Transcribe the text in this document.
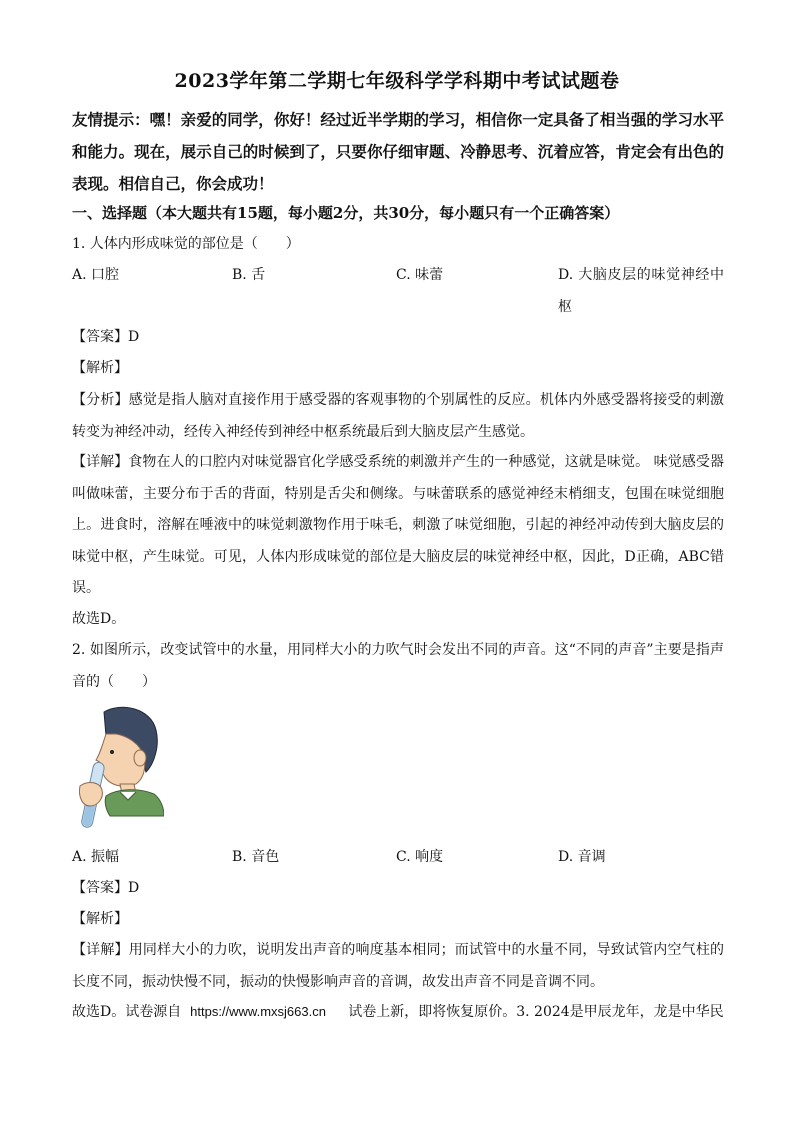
2023学年第二学期七年级科学学科期中考试试题卷
友情提示：嘿！亲爱的同学，你好！经过近半学期的学习，相信你一定具备了相当强的学习水平和能力。现在，展示自己的时候到了，只要你仔细审题、冷静思考、沉着应答，肯定会有出色的表现。相信自己，你会成功！
一、选择题（本大题共有15题，每小题2分，共30分，每小题只有一个正确答案）
1. 人体内形成味觉的部位是（　　）
A. 口腔	B. 舌	C. 味蕾	D. 大脑皮层的味觉神经中枢
【答案】D
【解析】
【分析】感觉是指人脑对直接作用于感受器的客观事物的个别属性的反应。机体内外感受器将接受的刺激转变为神经冲动，经传入神经传到神经中枢系统最后到大脑皮层产生感觉。
【详解】食物在人的口腔内对味觉器官化学感受系统的刺激并产生的一种感觉，这就是味觉。 味觉感受器叫做味蕾，主要分布于舌的背面，特别是舌尖和侧缘。与味蕾联系的感觉神经末梢细支，包围在味觉细胞上。进食时，溶解在唾液中的味觉刺激物作用于味毛，刺激了味觉细胞，引起的神经冲动传到大脑皮层的味觉中枢，产生味觉。可见，人体内形成味觉的部位是大脑皮层的味觉神经中枢，因此，D正确，ABC错误。
故选D。
2. 如图所示，改变试管中的水量，用同样大小的力吹气时会发出不同的声音。这“不同的声音”主要是指声音的（　　）
A. 振幅	B. 音色	C. 响度	D. 音调
【答案】D
【解析】
【详解】用同样大小的力吹，说明发出声音的响度基本相同；而试管中的水量不同，导致试管内空气柱的长度不同，振动快慢不同，振动的快慢影响声音的音调，故发出声音不同是音调不同。
故选D。试卷源自 https://www.mxsj663.cn 试卷上新，即将恢复原价。3. 2024是甲辰龙年，龙是中华民
